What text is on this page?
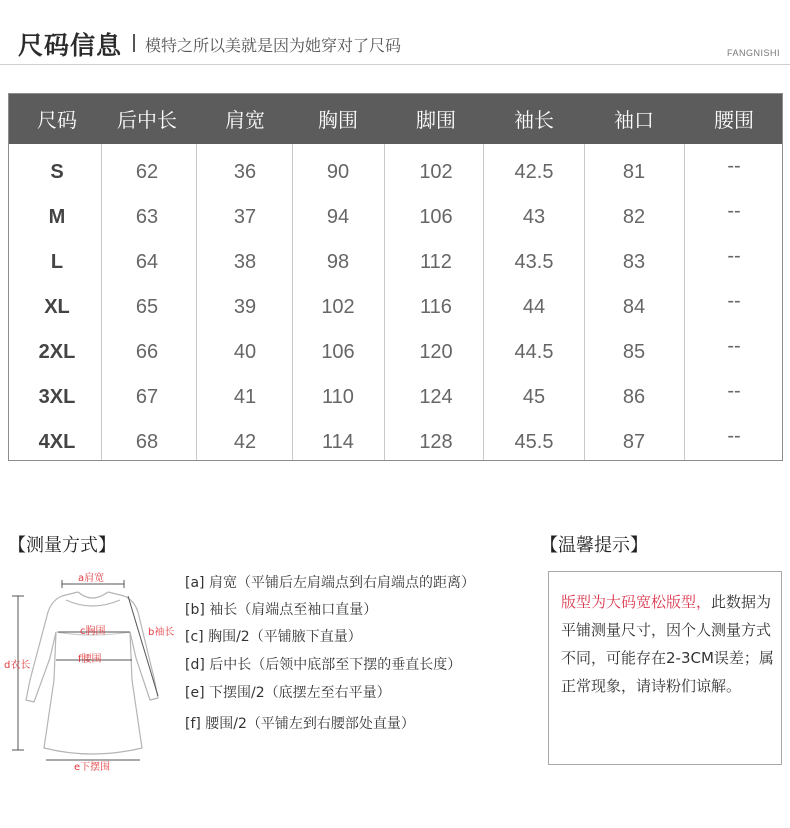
尺码信息 模特之所以美就是因为她穿对了尺码	FANGNISHI
尺码	后中长	肩宽	胸围	脚围	袖长	袖口	腰围
S	62	36	90	102	42.5	81	--
M	63	37	94	106	43	82	--
L	64	38	98	112	43.5	83	--
XL	65	39	102	116	44	84	--
2XL	66	40	106	120	44.5	85	--
3XL	67	41	110	124	45	86	--
4XL	68	42	114	128	45.5	87	--
【测量方式】
a肩宽
b袖长
c胸围
d衣长
f腰围
e下摆围
[a] 肩宽（平铺后左肩端点到右肩端点的距离）
[b] 袖长（肩端点至袖口直量）
[c] 胸围/2（平铺腋下直量）
[d] 后中长（后领中底部至下摆的垂直长度）
[e] 下摆围/2（底摆左至右平量）
[f] 腰围/2（平铺左到右腰部处直量）
【温馨提示】
版型为大码宽松版型，此数据为平铺测量尺寸，因个人测量方式不同，可能存在2-3CM误差；属正常现象，请诗粉们谅解。
